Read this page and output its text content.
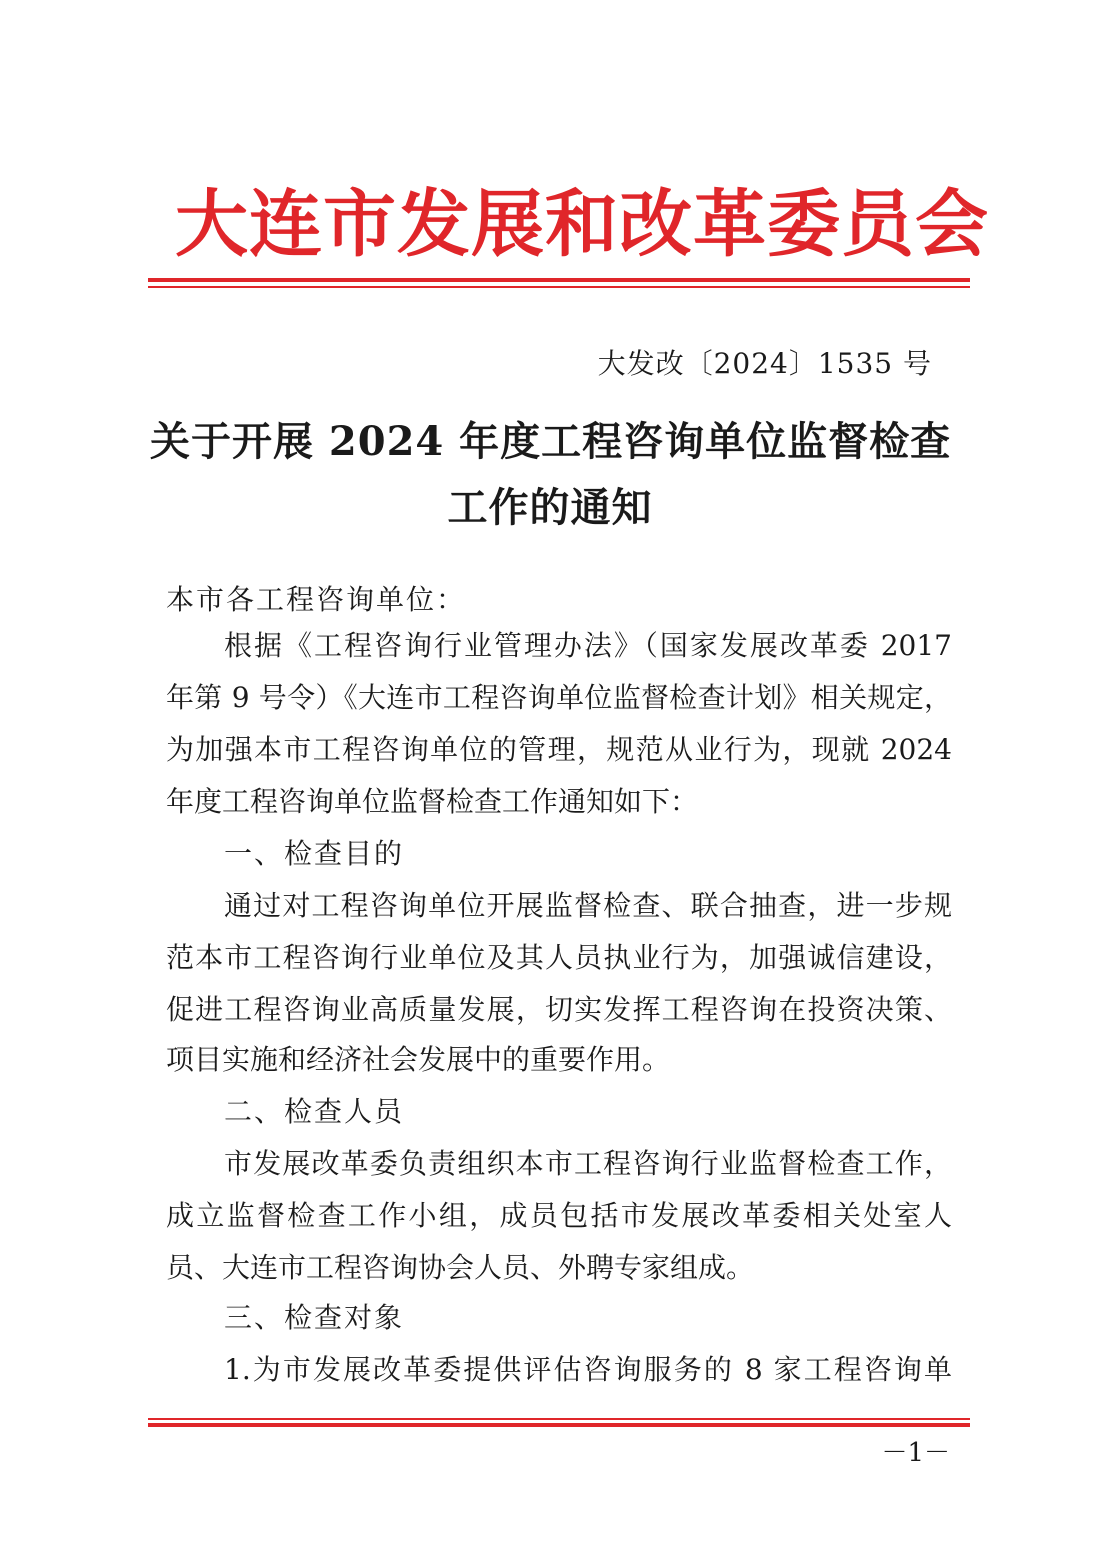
大连市发展和改革委员会
大发改〔2024〕1535 号
关于开展 2024 年度工程咨询单位监督检查
工作的通知
本市各工程咨询单位：
根据《工程咨询行业管理办法》（国家发展改革委 2017
年第 9 号令）《大连市工程咨询单位监督检查计划》相关规定，
为加强本市工程咨询单位的管理，规范从业行为，现就 2024
年度工程咨询单位监督检查工作通知如下：
一、检查目的
通过对工程咨询单位开展监督检查、联合抽查，进一步规
范本市工程咨询行业单位及其人员执业行为，加强诚信建设，
促进工程咨询业高质量发展，切实发挥工程咨询在投资决策、
项目实施和经济社会发展中的重要作用。
二、检查人员
市发展改革委负责组织本市工程咨询行业监督检查工作，
成立监督检查工作小组，成员包括市发展改革委相关处室人
员、大连市工程咨询协会人员、外聘专家组成。
三、检查对象
1.为市发展改革委提供评估咨询服务的 8 家工程咨询单
－1－
